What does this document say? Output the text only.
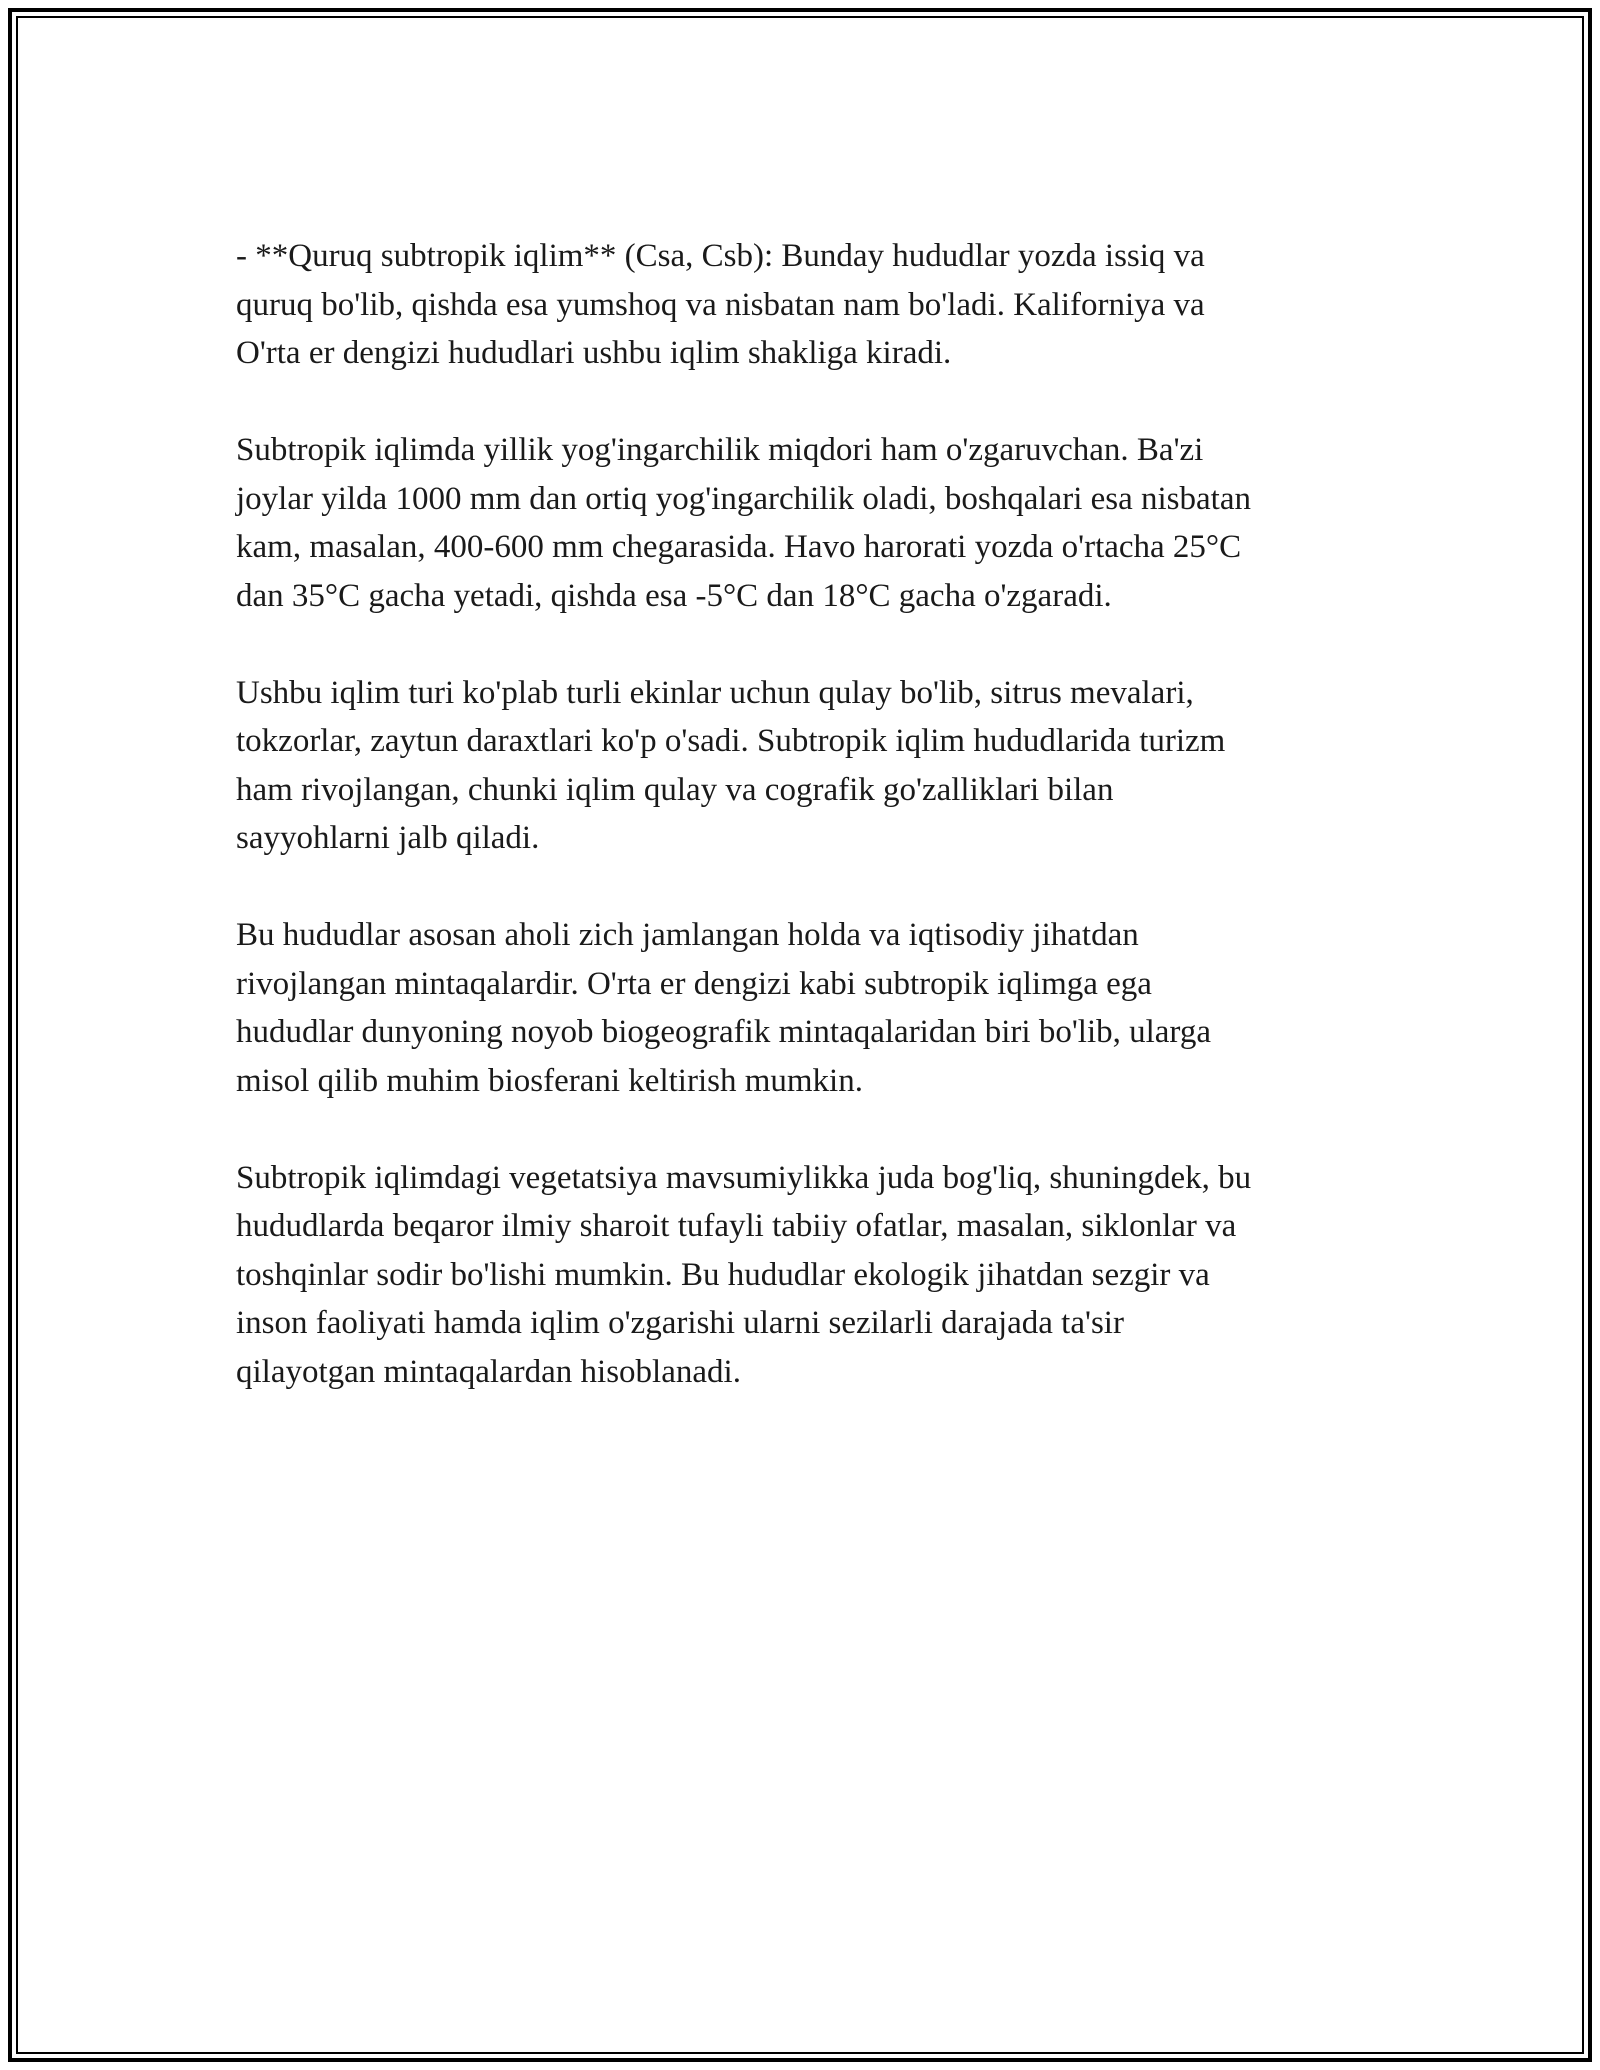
- **Quruq subtropik iqlim** (Csa, Csb): Bunday hududlar yozda issiq va
quruq bo'lib, qishda esa yumshoq va nisbatan nam bo'ladi. Kaliforniya va
O'rta er dengizi hududlari ushbu iqlim shakliga kiradi.

Subtropik iqlimda yillik yog'ingarchilik miqdori ham o'zgaruvchan. Ba'zi
joylar yilda 1000 mm dan ortiq yog'ingarchilik oladi, boshqalari esa nisbatan
kam, masalan, 400-600 mm chegarasida. Havo harorati yozda o'rtacha 25°C
dan 35°C gacha yetadi, qishda esa -5°C dan 18°C gacha o'zgaradi.

Ushbu iqlim turi ko'plab turli ekinlar uchun qulay bo'lib, sitrus mevalari,
tokzorlar, zaytun daraxtlari ko'p o'sadi. Subtropik iqlim hududlarida turizm
ham rivojlangan, chunki iqlim qulay va cografik go'zalliklari bilan
sayyohlarni jalb qiladi.

Bu hududlar asosan aholi zich jamlangan holda va iqtisodiy jihatdan
rivojlangan mintaqalardir. O'rta er dengizi kabi subtropik iqlimga ega
hududlar dunyoning noyob biogeografik mintaqalaridan biri bo'lib, ularga
misol qilib muhim biosferani keltirish mumkin.

Subtropik iqlimdagi vegetatsiya mavsumiylikka juda bog'liq, shuningdek, bu
hududlarda beqaror ilmiy sharoit tufayli tabiiy ofatlar, masalan, siklonlar va
toshqinlar sodir bo'lishi mumkin. Bu hududlar ekologik jihatdan sezgir va
inson faoliyati hamda iqlim o'zgarishi ularni sezilarli darajada ta'sir
qilayotgan mintaqalardan hisoblanadi.
